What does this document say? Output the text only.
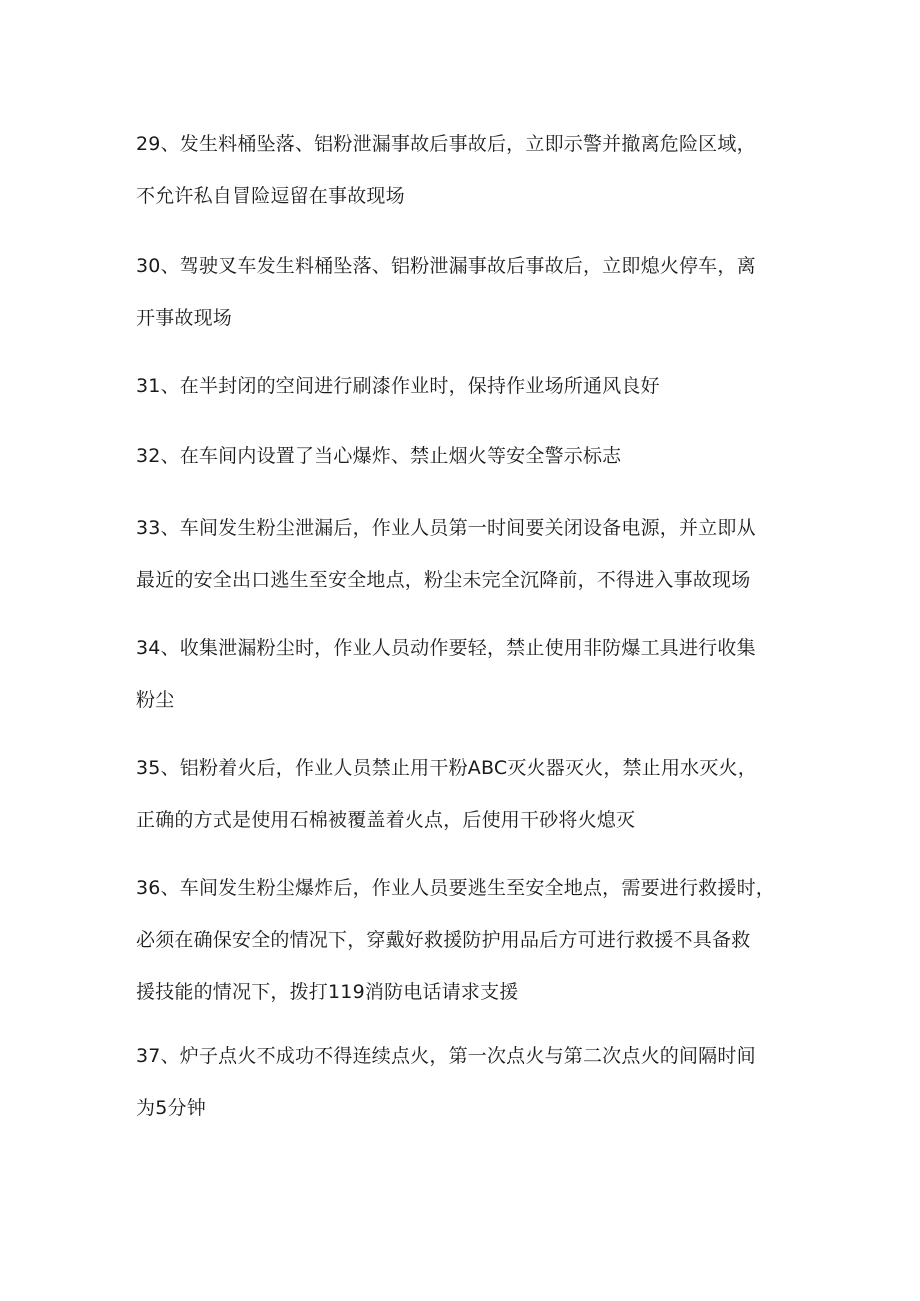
29、发生料桶坠落、铝粉泄漏事故后事故后，立即示警并撤离危险区域，
不允许私自冒险逗留在事故现场

30、驾驶叉车发生料桶坠落、铝粉泄漏事故后事故后，立即熄火停车，离
开事故现场

31、在半封闭的空间进行刷漆作业时，保持作业场所通风良好

32、在车间内设置了当心爆炸、禁止烟火等安全警示标志

33、车间发生粉尘泄漏后，作业人员第一时间要关闭设备电源，并立即从
最近的安全出口逃生至安全地点，粉尘未完全沉降前，不得进入事故现场

34、收集泄漏粉尘时，作业人员动作要轻，禁止使用非防爆工具进行收集
粉尘

35、铝粉着火后，作业人员禁止用干粉ABC灭火器灭火，禁止用水灭火，
正确的方式是使用石棉被覆盖着火点，后使用干砂将火熄灭

36、车间发生粉尘爆炸后，作业人员要逃生至安全地点，需要进行救援时，
必须在确保安全的情况下，穿戴好救援防护用品后方可进行救援不具备救
援技能的情况下，拨打119消防电话请求支援

37、炉子点火不成功不得连续点火，第一次点火与第二次点火的间隔时间
为5分钟
